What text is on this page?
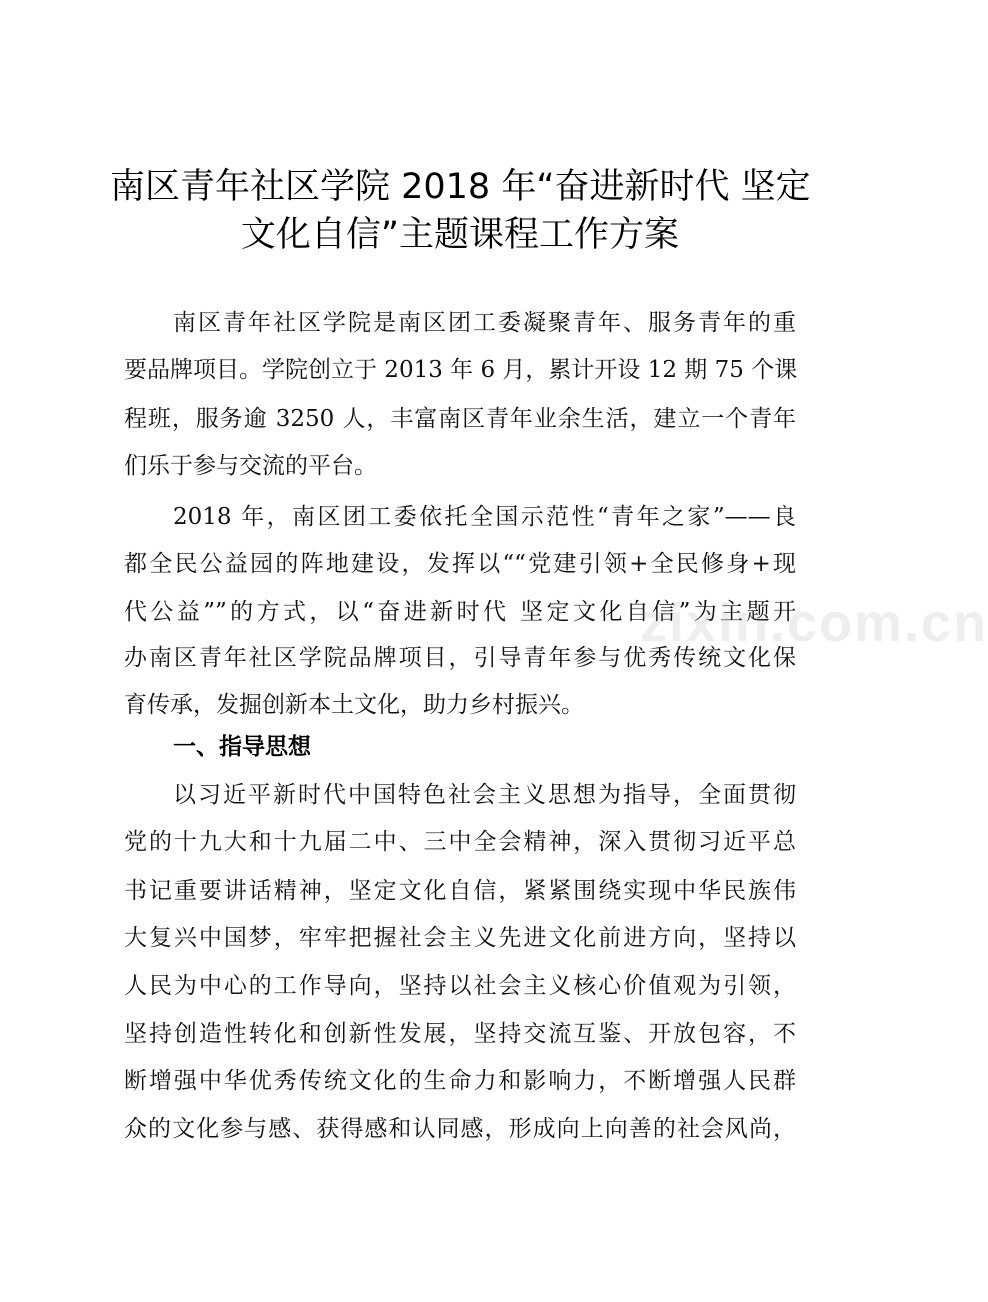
南区青年社区学院 2018 年“奋进新时代 坚定
文化自信”主题课程工作方案
南区青年社区学院是南区团工委凝聚青年、服务青年的重
要品牌项目。学院创立于 2013 年 6 月，累计开设 12 期 75 个课
程班，服务逾 3250 人，丰富南区青年业余生活，建立一个青年
们乐于参与交流的平台。
2018 年，南区团工委依托全国示范性“青年之家”——良
都全民公益园的阵地建设，发挥以““党建引领+全民修身+现
代公益””的方式，以“奋进新时代 坚定文化自信”为主题开
办南区青年社区学院品牌项目，引导青年参与优秀传统文化保
育传承，发掘创新本土文化，助力乡村振兴。
一、指导思想
以习近平新时代中国特色社会主义思想为指导，全面贯彻
党的十九大和十九届二中、三中全会精神，深入贯彻习近平总
书记重要讲话精神，坚定文化自信，紧紧围绕实现中华民族伟
大复兴中国梦，牢牢把握社会主义先进文化前进方向，坚持以
人民为中心的工作导向，坚持以社会主义核心价值观为引领，
坚持创造性转化和创新性发展，坚持交流互鉴、开放包容，不
断增强中华优秀传统文化的生命力和影响力，不断增强人民群
众的文化参与感、获得感和认同感，形成向上向善的社会风尚，
zixin.com.cn
